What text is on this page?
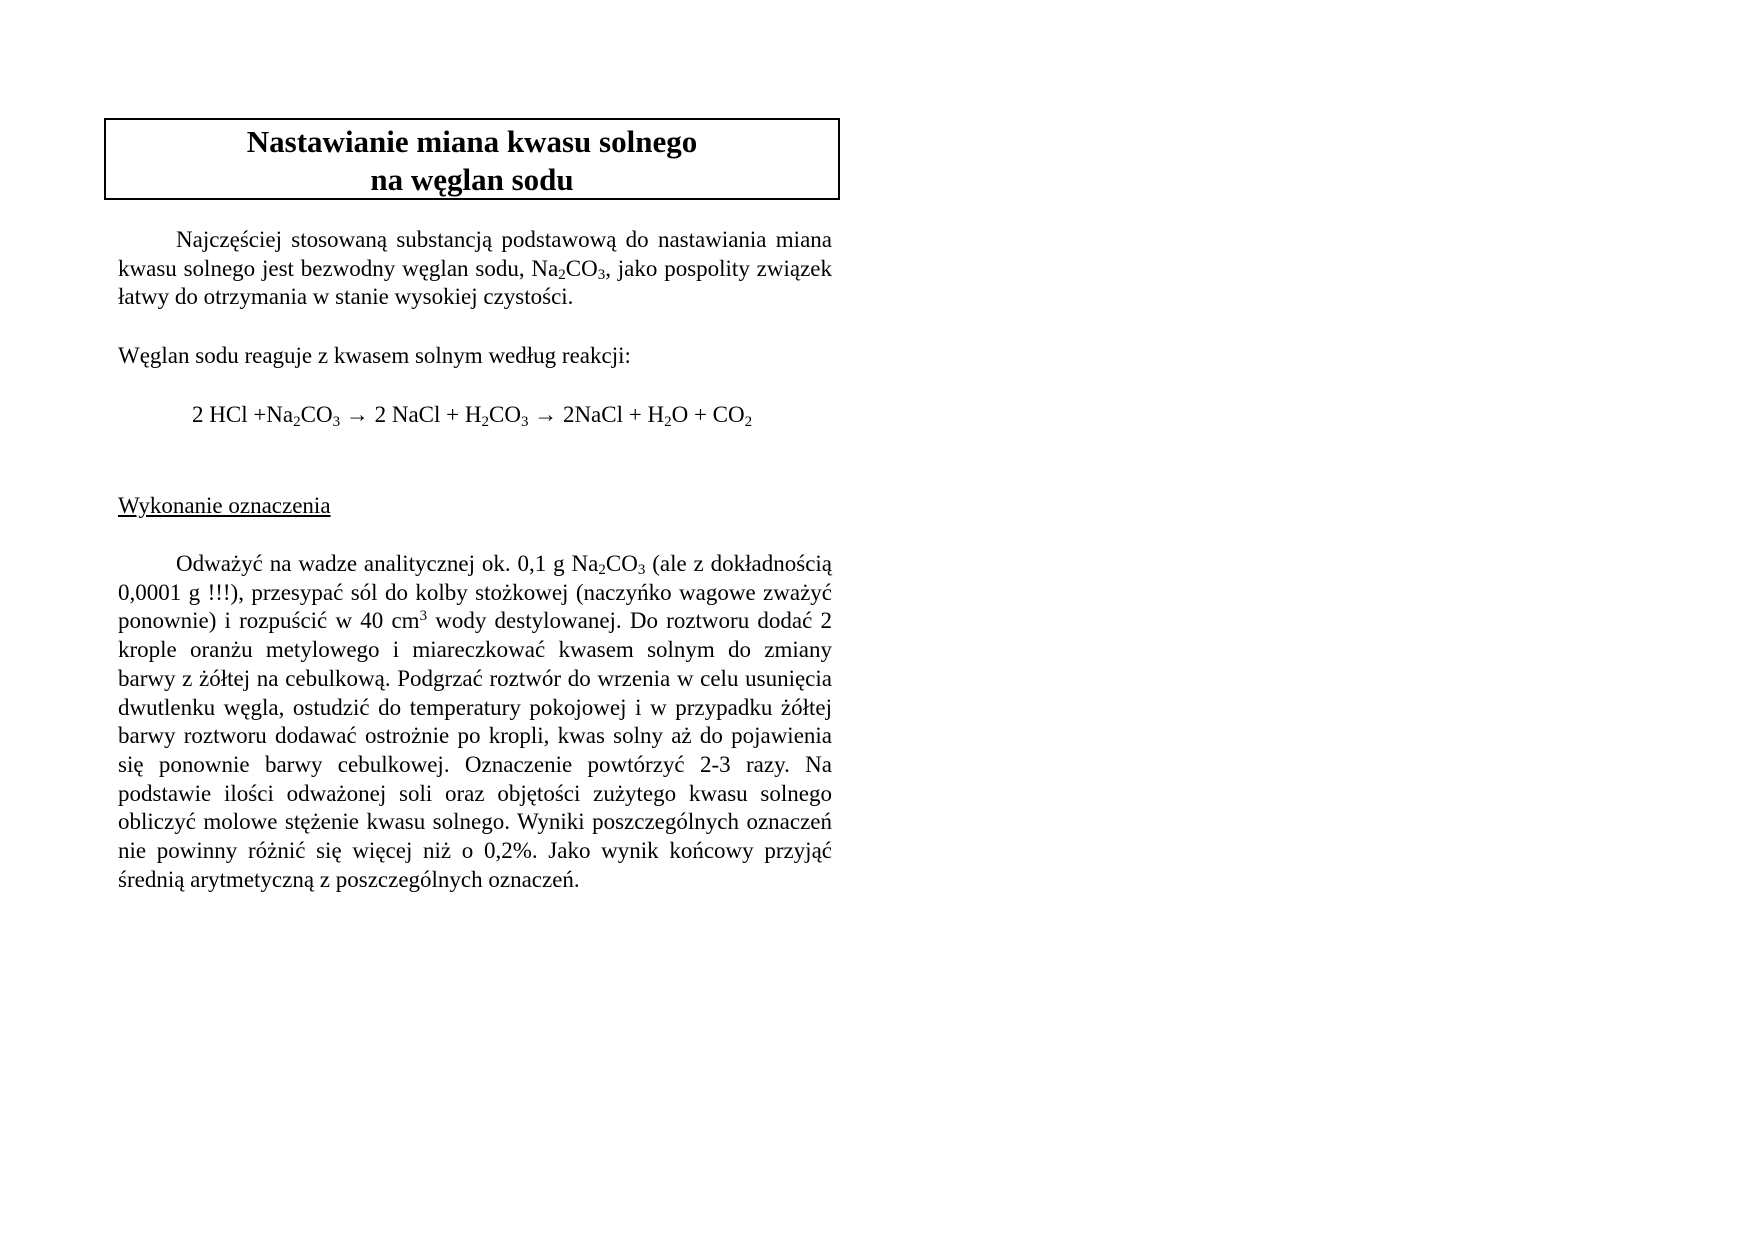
Nastawianie miana kwasu solnego
na węglan sodu

Najczęściej stosowaną substancją podstawową do nastawiania miana kwasu solnego jest bezwodny węglan sodu, $Na_2CO_3$, jako pospolity związek łatwy do otrzymania w stanie wysokiej czystości.

Węglan sodu reaguje z kwasem solnym według reakcji:

2 HCl $+Na_2CO_3 \to 2$ NaCl + $H_2CO_3$ → 2NaCl + $H_2O + CO_2$
Wykonanie oznaczenia

Odważyć na wadze analitycznej ok. 0,1 g $Na_2CO_3$ (ale z dokładnością 0,0001 g !!!), przesypać sól do kolby stożkowej (naczyńko wagowe zważyć ponownie) i rozpuścić w 40 $cm^3$ wody destylowanej. Do roztworu dodać 2 krople oranżu metylowego i miareczkować kwasem solnym do zmiany barwy z żółtej na cebulkową. Podgrzać roztwór do wrzenia w celu usunięcia dwutlenku węgla, ostudzić do temperatury pokojowej i w przypadku żółtej barwy roztworu dodawać ostrożnie po kropli, kwas solny aż do pojawienia się ponownie barwy cebulkowej. Oznaczenie powtórzyć 2-3 razy. Na podstawie ilości odważonej soli oraz objętości zużytego kwasu solnego obliczyć molowe stężenie kwasu solnego. Wyniki poszczególnych oznaczeń nie powinny różnić się więcej niż o 0,2%. Jako wynik końcowy przyjąć średnią arytmetyczną z poszczególnych oznaczeń.
